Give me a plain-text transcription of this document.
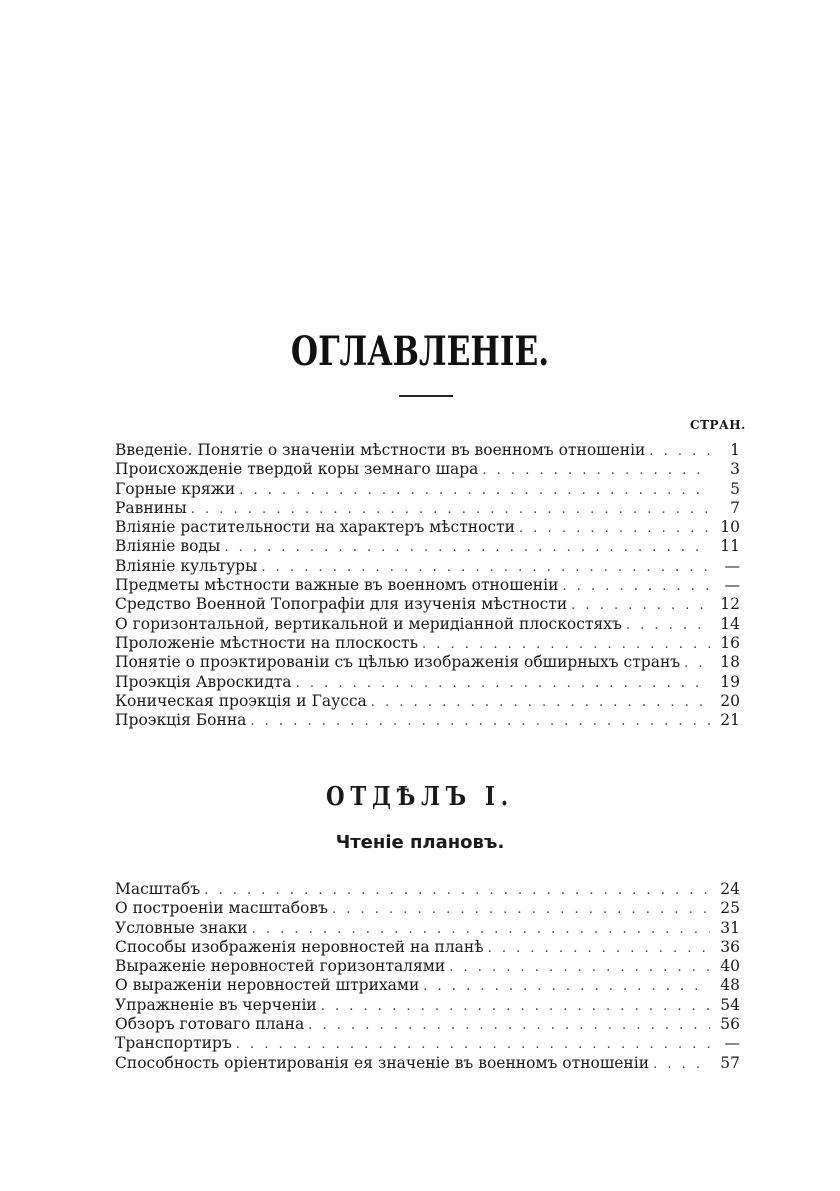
ОГЛАВЛЕНІЕ.
СТРАН.
Введеніе. Понятіе о значеніи мѣстности въ военномъ отношеніи . . .	1
Происхожденіе твердой коры земнаго шара . . .	3
Горные кряжи . . .	5
Равнины . . .	7
Вліяніе растительности на характеръ мѣстности . . .	10
Вліяніе воды . . .	11
Вліяніе культуры . . .	—
Предметы мѣстности важные въ военномъ отношеніи . . .	—
Средство Военной Топографіи для изученія мѣстности . . .	12
О горизонтальной, вертикальной и меридіанной плоскостяхъ . . .	14
Проложеніе мѣстности на плоскость . . .	16
Понятіе о проэктированіи съ цѣлью изображенія обширныхъ странъ . . .	18
Проэкція Авроскидта . . .	19
Коническая проэкція и Гаусса . . .	20
Проэкція Бонна . . .	21
ОТДѢЛЪ I.
Чтеніе плановъ.
Масштабъ . . .	24
О построеніи масштабовъ . . .	25
Условные знаки . . .	31
Способы изображенія неровностей на планѣ . . .	36
Выраженіе неровностей горизонталями . . .	40
О выраженіи неровностей штрихами . . .	48
Упражненіе въ черченіи . . .	54
Обзоръ готоваго плана . . .	56
Транспортиръ . . .	—
Способность оріентированія ея значеніе въ военномъ отношеніи . . .	57
